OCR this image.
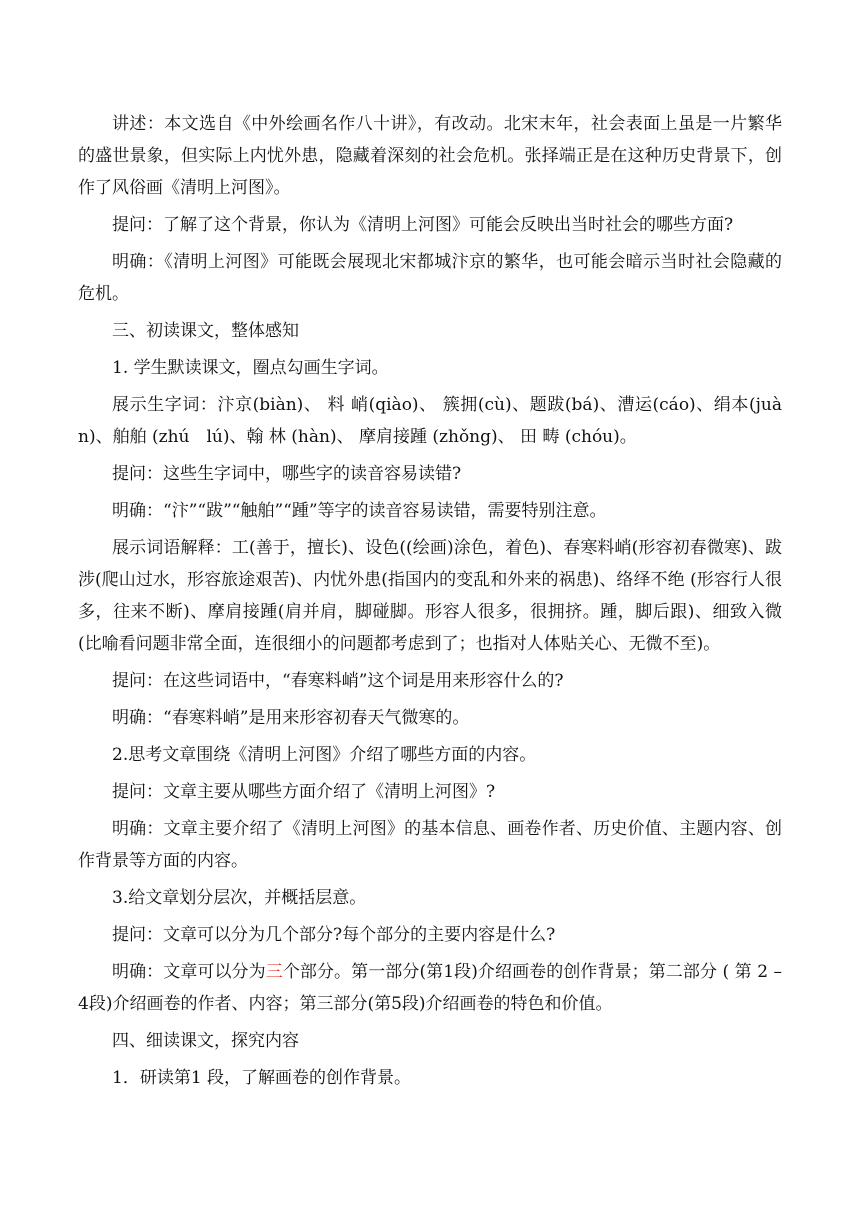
讲述：本文选自《中外绘画名作八十讲》，有改动。北宋末年，社会表面上虽是一片繁华的盛世景象，但实际上内忧外患，隐藏着深刻的社会危机。张择端正是在这种历史背景下，创作了风俗画《清明上河图》。

提问：了解了这个背景，你认为《清明上河图》可能会反映出当时社会的哪些方面?

明确：《清明上河图》可能既会展现北宋都城汴京的繁华，也可能会暗示当时社会隐藏的危机。

三、初读课文，整体感知

1. 学生默读课文，圈点勾画生字词。

展示生字词：汴京(biàn)、 料 峭(qiào)、 簇拥(cù)、题跋(bá)、漕运(cáo)、绢本(juàn)、舶舶 (zhú　lú)、翰 林 (hàn)、 摩肩接踵 (zhǒng)、 田 畴 (chóu)。

提问：这些生字词中，哪些字的读音容易读错?

明确：“汴”“跋”“触舶”“踵”等字的读音容易读错，需要特别注意。

展示词语解释：工(善于，擅长)、设色((绘画)涂色，着色)、春寒料峭(形容初春微寒)、跋涉(爬山过水，形容旅途艰苦)、内忧外患(指国内的变乱和外来的祸患)、络绎不绝 (形容行人很多，往来不断)、摩肩接踵(肩并肩，脚碰脚。形容人很多，很拥挤。踵，脚后跟)、细致入微(比喻看问题非常全面，连很细小的问题都考虑到了；也指对人体贴关心、无微不至)。

提问：在这些词语中，“春寒料峭”这个词是用来形容什么的?

明确：“春寒料峭”是用来形容初春天气微寒的。

2.思考文章围绕《清明上河图》介绍了哪些方面的内容。

提问：文章主要从哪些方面介绍了《清明上河图》?

明确：文章主要介绍了《清明上河图》的基本信息、画卷作者、历史价值、主题内容、创作背景等方面的内容。

3.给文章划分层次，并概括层意。

提问：文章可以分为几个部分?每个部分的主要内容是什么?

明确：文章可以分为三个部分。第一部分(第1段)介绍画卷的创作背景；第二部分 ( 第 2 – 4段)介绍画卷的作者、内容；第三部分(第5段)介绍画卷的特色和价值。

四、细读课文，探究内容

1．研读第1 段，了解画卷的创作背景。
